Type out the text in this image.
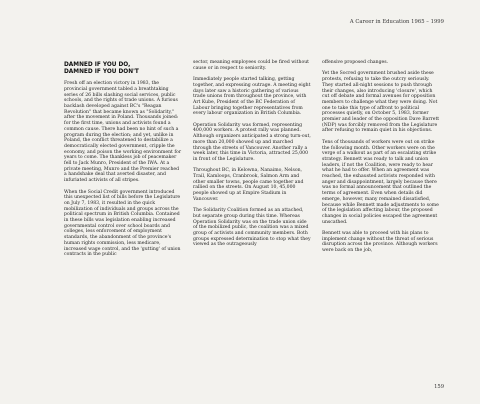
A Career in Education 1965 – 1999
DAMNED IF YOU DO,
DAMNED IF YOU DON'T

Fresh off an election victory in 1983, the provincial government tabled a breathtaking series of 26 bills slashing social services, public schools, and the rights of trade unions. A furious backlash developed against BC's "Reagan Revolution" that became known as "Solidarity," after the movement in Poland. Thousands joined: for the first time, unions and activists found a common cause. There had been no hint of such a program during the election; and yet, unlike in Poland, the conflict threatened to destabilize a democratically elected government, cripple the economy, and poison the working environment for years to come. The thankless job of peacemaker fell to Jack Munro, President of the IWA. At a private meeting, Munro and the Premier reached a handshake deal that averted disaster, and infuriated activists of all stripes.

When the Social Credit government introduced this unexpected list of bills before the Legislature on July 7, 1983, it resulted in the quick mobilization of individuals and groups across the political spectrum in British Columbia. Contained in these bills was legislation enabling increased governmental control over school boards and colleges, less enforcement of employment standards, the abandonment of the province's human rights commission, less medicare, increased wage control, and the 'gutting' of union contracts in the public

sector, meaning employees could be fired without cause or in respect to seniority.

Immediately people started talking, getting together, and expressing outrage. A meeting eight days later saw a historic gathering of various trade unions from throughout the province, with Art Kube, President of the BC Federation of Labour bringing together representatives from every labour organization in British Columbia.

Operation Solidarity was formed, representing 400,000 workers. A protest rally was planned. Although organizers anticipated a strong turn-out, more than 20,000 showed up and marched through the streets of Vancouver. Another rally a week later, this time in Victoria, attracted 25,000 in front of the Legislature.

Throughout BC, in Kelowna, Nanaimo, Nelson, Trail, Kamloops, Cranbrook, Salmon Arm and other smaller towns, people came together and rallied on the streets. On August 10, 45,000 people showed up at Empire Stadium in Vancouver.

The Solidarity Coalition formed as an attached, but separate group during this time. Whereas Operation Solidarity was on the trade union side of the mobilized public, the coalition was a mixed group of activists and community members. Both groups expressed determination to stop what they viewed as the outrageously

offensive proposed changes.

Yet the Socred government brushed aside these protests, refusing to take the outcry seriously. They started all-night sessions to push through their changes, also introducing 'closure', which cut off debate and formal avenues for opposition members to challenge what they were doing. Not one to take this type of affront to political processes quietly, on October 5, 1983, former premier and leader of the opposition Dave Barrett (NDP) was forcibly removed from the Legislature after refusing to remain quiet in his objections.

Tens of thousands of workers were out on strike the following month. Other workers were on the verge of a walkout as part of an escalating strike strategy. Bennett was ready to talk and union leaders, if not the Coalition, were ready to hear what he had to offer. When an agreement was reached, the exhausted activists responded with anger and disappointment, largely because there was no formal announcement that outlined the terms of agreement. Even when details did emerge, however, many remained dissatisfied, because while Bennett made adjustments to some of the legislation affecting labour, the proposed changes in social policies escaped the agreement unscathed.

Bennett was able to proceed with his plans to implement change without the threat of serious disruption across the province. Although workers were back on the job,

159
